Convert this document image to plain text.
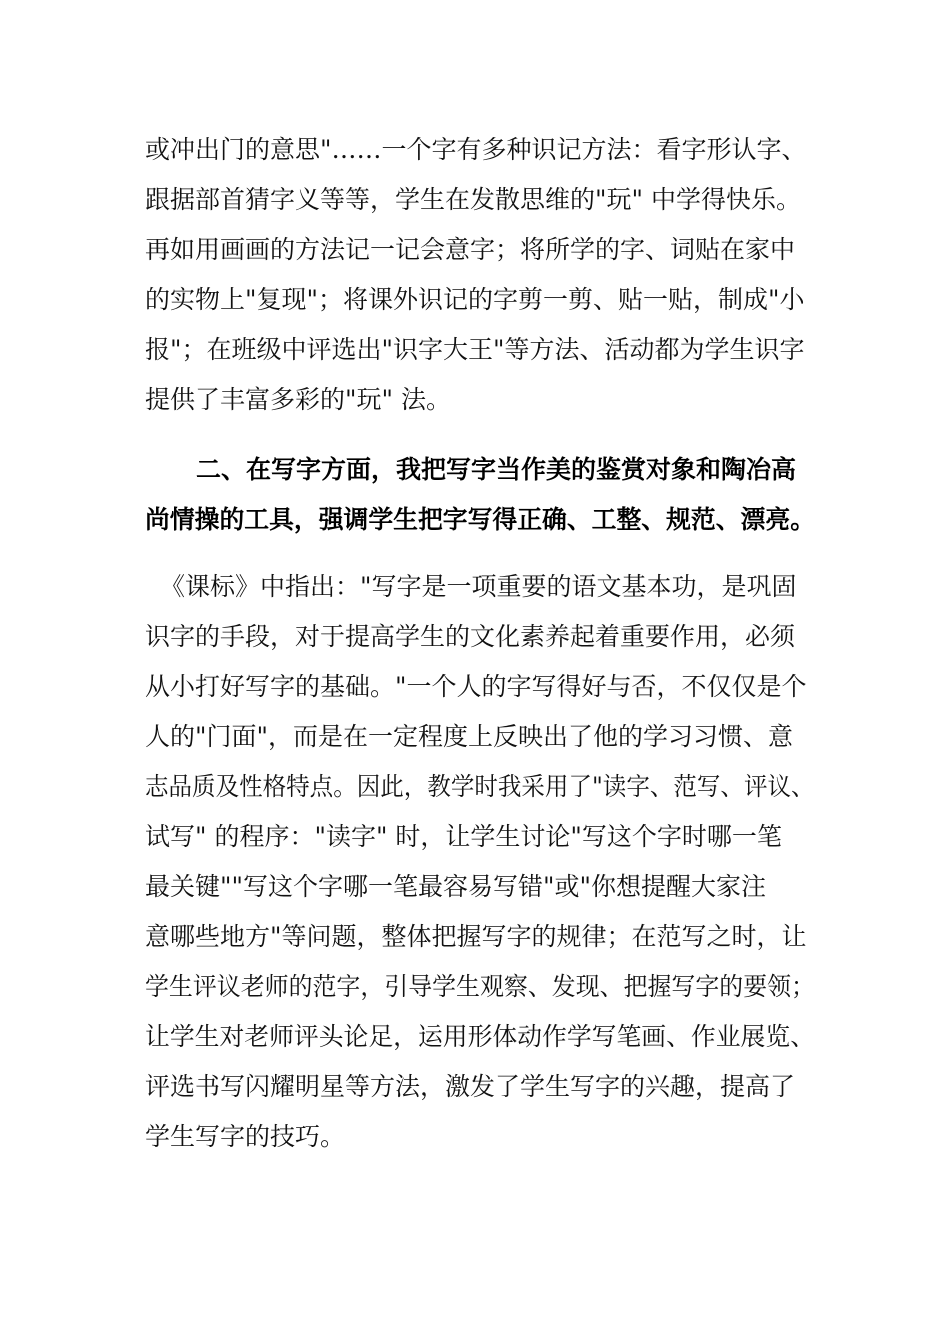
或冲出门的意思"……一个字有多种识记方法：看字形认字、
跟据部首猜字义等等，学生在发散思维的"玩" 中学得快乐。
再如用画画的方法记一记会意字；将所学的字、词贴在家中
的实物上"复现"；将课外识记的字剪一剪、贴一贴，制成"小
报"；在班级中评选出"识字大王"等方法、活动都为学生识字
提供了丰富多彩的"玩" 法。
二、在写字方面，我把写字当作美的鉴赏对象和陶冶高
尚情操的工具，强调学生把字写得正确、工整、规范、漂亮。
《课标》中指出："写字是一项重要的语文基本功，是巩固
识字的手段，对于提高学生的文化素养起着重要作用，必须
从小打好写字的基础。"一个人的字写得好与否，不仅仅是个
人的"门面"，而是在一定程度上反映出了他的学习习惯、意
志品质及性格特点。因此，教学时我采用了"读字、范写、评议、
试写" 的程序："读字" 时，让学生讨论"写这个字时哪一笔
最关键""写这个字哪一笔最容易写错"或"你想提醒大家注
意哪些地方"等问题，整体把握写字的规律；在范写之时，让
学生评议老师的范字，引导学生观察、发现、把握写字的要领；
让学生对老师评头论足，运用形体动作学写笔画、作业展览、
评选书写闪耀明星等方法，激发了学生写字的兴趣，提高了
学生写字的技巧。
